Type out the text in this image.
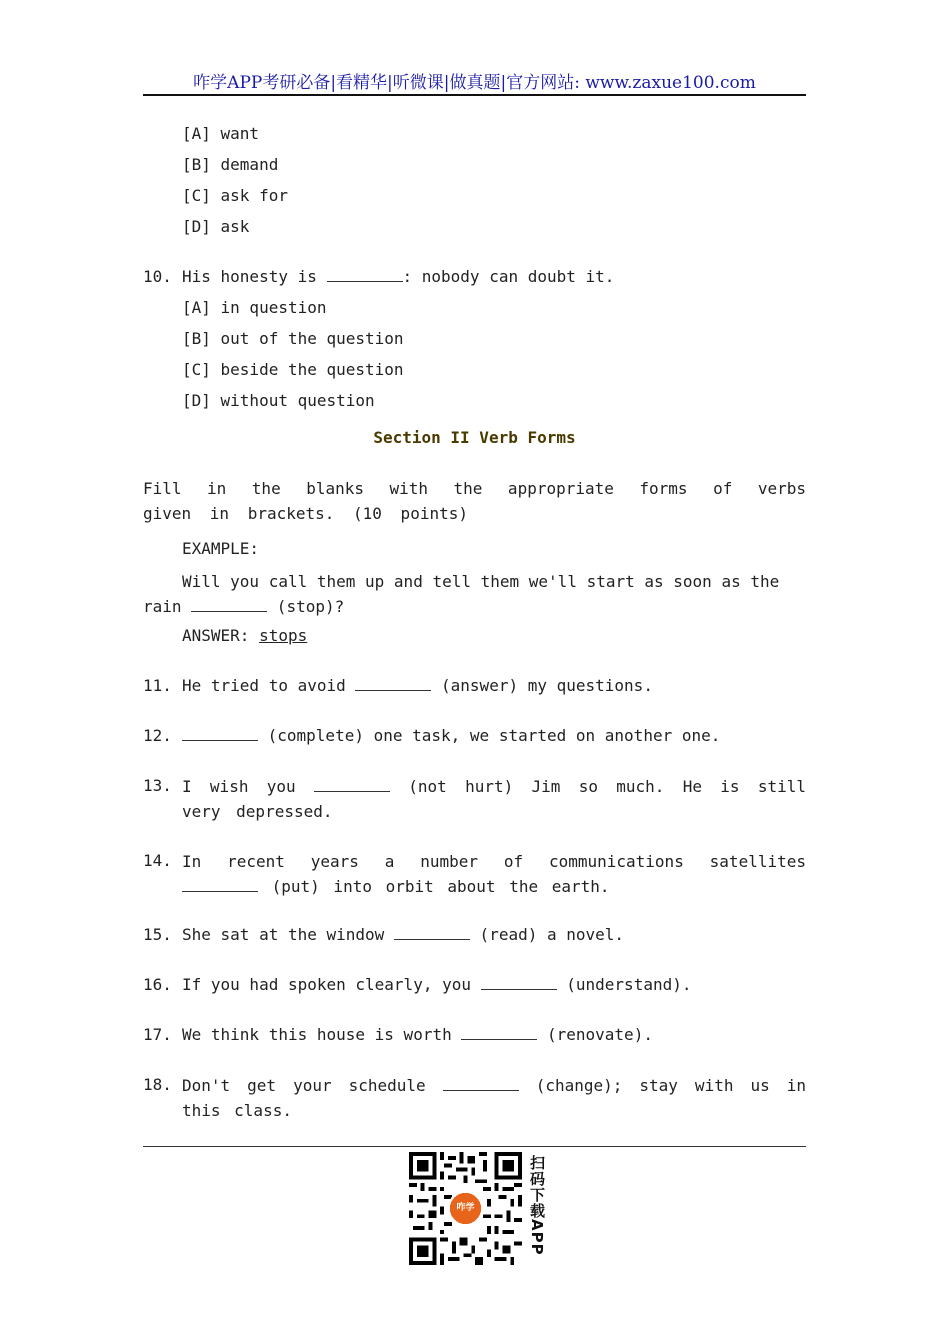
咋学APP考研必备|看精华|听微课|做真题|官方网站: www.zaxue100.com
[A] want
[B] demand
[C] ask for
[D] ask
10. His honesty is	: nobody can doubt it.
[A] in question
[B] out of the question
[C] beside the question
[D] without question
Section II Verb Forms
Fill in the blanks with the appropriate forms of verbs given in brackets. (10 points)
EXAMPLE:
Will you call them up and tell them we'll start as soon as the rain	(stop)?
ANSWER: stops
11. He tried to avoid	(answer) my questions.
12.	(complete) one task, we started on another one.
13. I wish you	(not hurt) Jim so much. He is still very depressed.
14. In recent years a number of communications satellites  (put) into orbit about the earth.
15. She sat at the window	(read) a novel.
16. If you had spoken clearly, you	(understand).
17. We think this house is worth	(renovate).
18. Don't get your schedule	(change); stay with us in this class.
咋学	扫码下载APP
